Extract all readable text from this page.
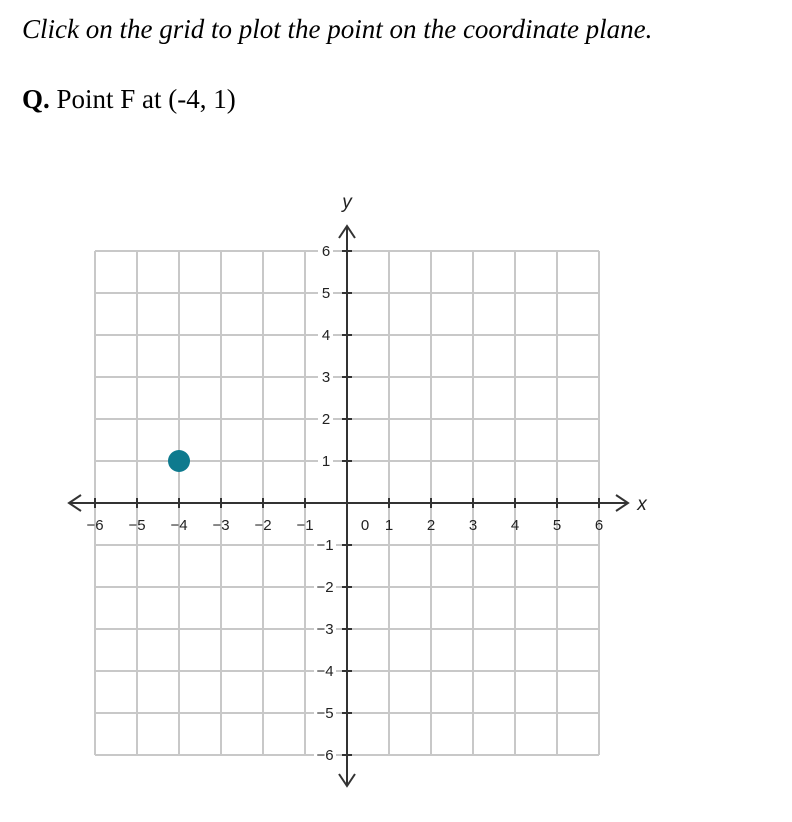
Click on the grid to plot the point on the coordinate plane.
Q. Point F at (-4, 1)
−6 −5 −4 −3 −2 −1	0 1 2 3 4 5 6
1
2
3
4
5
6
−1
−2
−3
−4
−5
−6
x
y
